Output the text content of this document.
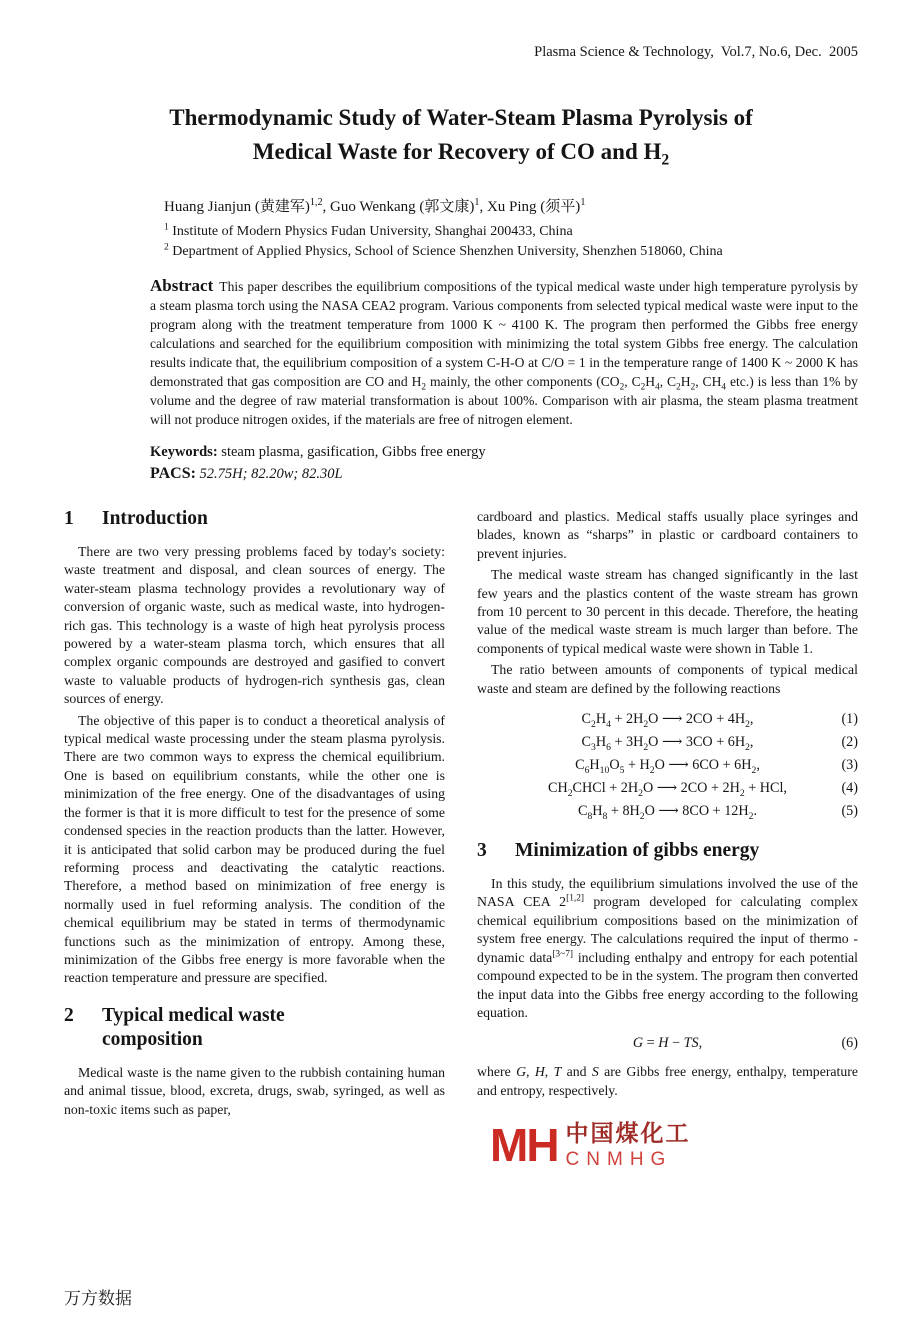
Plasma Science & Technology,  Vol.7, No.6, Dec.  2005
Thermodynamic Study of Water-Steam Plasma Pyrolysis of
Medical Waste for Recovery of CO and $H_2$
Huang Jianjun (黄建军)$^{1,2}$, Guo Wenkang (郭文康)$^1$, Xu Ping (须平)$^1$
$^1$ Institute of Modern Physics Fudan University, Shanghai 200433, China
$^2$ Department of Applied Physics, School of Science Shenzhen University, Shenzhen 518060, China

Abstract This paper describes the equilibrium compositions of the typical medical waste under high temperature pyrolysis by a steam plasma torch using the NASA CEA2 program. Various components from selected typical medical waste were input to the program along with the treatment temperature from 1000 K ~ 4100 K. The program then performed the Gibbs free energy calculations and searched for the equilibrium composition with minimizing the total system Gibbs free energy. The calculation results indicate that, the equilibrium composition of a system C-H-O at C/O = 1 in the temperature range of 1400 K ~ 2000 K has demonstrated that gas composition are CO and $H_2$ mainly, the other components ($CO_2$, $C_2H_4$, $C_2H_2$, $CH_4$ etc.) is less than 1% by volume and the degree of raw material transformation is about 100%. Comparison with air plasma, the steam plasma treatment will not produce nitrogen oxides, if the materials are free of nitrogen element.

Keywords: steam plasma, gasification, Gibbs free energy
PACS: 52.75H; 82.20w; 82.30L
1	Introduction

There are two very pressing problems faced by today's society: waste treatment and disposal, and clean sources of energy. The water-steam plasma technology provides a revolutionary way of conversion of organic waste, such as medical waste, into hydrogen-rich gas. This technology is a waste of high heat pyrolysis process powered by a water-steam plasma torch, which ensures that all complex organic compounds are destroyed and gasified to convert waste to valuable products of hydrogen-rich synthesis gas, clean sources of energy.

The objective of this paper is to conduct a theoretical analysis of typical medical waste processing under the steam plasma pyrolysis. There are two common ways to express the chemical equilibrium. One is based on equilibrium constants, while the other one is minimization of the free energy. One of the disadvantages of using the former is that it is more difficult to test for the presence of some condensed species in the reaction products than the latter. However, it is anticipated that solid carbon may be produced during the fuel reforming process and deactivating the catalytic reactions. Therefore, a method based on minimization of free energy is normally used in fuel reforming analysis. The condition of the chemical equilibrium may be stated in terms of thermodynamic functions such as the minimization of entropy. Among these, minimization of the Gibbs free energy is more favorable when the reaction temperature and pressure are specified.

2	Typical medical waste
composition

Medical waste is the name given to the rubbish containing human and animal tissue, blood, excreta, drugs, swab, syringed, as well as non-toxic items such as paper,

cardboard and plastics. Medical staffs usually place syringes and blades, known as “sharps” in plastic or cardboard containers to prevent injuries.

The medical waste stream has changed significantly in the last few years and the plastics content of the waste stream has grown from 10 percent to 30 percent in this decade. Therefore, the heating value of the medical waste stream is much larger than before. The components of typical medical waste were shown in Table 1.

The ratio between amounts of components of typical medical waste and steam are defined by the following reactions

$C_2H_4 + 2H_2O$ ⟶ $2CO + 4H_2$,	(1)
$C_3H_6 + 3H_2O$ ⟶ $3CO + 6H_2$,	(2)
$C_6H_{10}O_5 + H_2O$ ⟶ $6CO + 6H_2$,	(3)
$CH_2CHCl + 2H_2O$ ⟶ $2CO + 2H_2$ + HCl,	(4)
$C_8H_8 + 8H_2O$ ⟶ $8CO + 12H_2$.	(5)
3	Minimization of gibbs energy

In this study, the equilibrium simulations involved the use of the NASA CEA 2[1,2] program developed for calculating complex chemical equilibrium compositions based on the minimization of system free energy. The calculations required the input of thermo -dynamic data[3~7] including enthalpy and entropy for each potential compound expected to be in the system. The program then converted the input data into the Gibbs free energy according to the following equation.

G = H − TS,	(6)

where G, H, T and S are Gibbs free energy, enthalpy, temperature and entropy, respectively.

MH 中国煤化工
CNMHG
万方数据
